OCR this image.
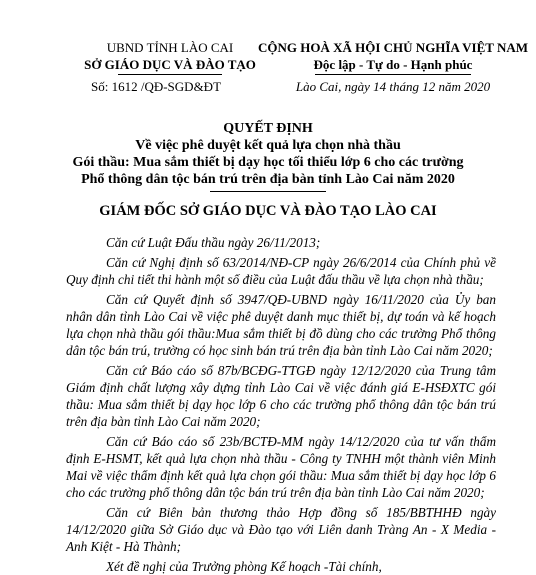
UBND TỈNH LÀO CAI
SỞ GIÁO DỤC VÀ ĐÀO TẠO
Số: 1612 /QĐ-SGD&ĐT
CỘNG HOÀ XÃ HỘI CHỦ NGHĨA VIỆT NAM
Độc lập - Tự do - Hạnh phúc
Lào Cai, ngày 14 tháng 12 năm 2020
QUYẾT ĐỊNH
Về việc phê duyệt kết quả lựa chọn nhà thầu
Gói thầu: Mua sắm thiết bị dạy học tối thiểu lớp 6 cho các trường
Phổ thông dân tộc bán trú trên địa bàn tỉnh Lào Cai năm 2020
GIÁM ĐỐC SỞ GIÁO DỤC VÀ ĐÀO TẠO LÀO CAI

Căn cứ Luật Đấu thầu ngày 26/11/2013;

Căn cứ Nghị định số 63/2014/NĐ-CP ngày 26/6/2014 của Chính phủ về Quy định chi tiết thi hành một số điều của Luật đấu thầu về lựa chọn nhà thầu;

Căn cứ Quyết định số 3947/QĐ-UBND ngày 16/11/2020 của Ủy ban nhân dân tỉnh Lào Cai về việc phê duyệt danh mục thiết bị, dự toán và kế hoạch lựa chọn nhà thầu gói thầu:Mua sắm thiết bị đồ dùng cho các trường Phổ thông dân tộc bán trú, trường có học sinh bán trú trên địa bàn tỉnh Lào Cai năm 2020;

Căn cứ Báo cáo số 87b/BCĐG-TTGĐ ngày 12/12/2020 của Trung tâm Giám định chất lượng xây dựng tỉnh Lào Cai về việc đánh giá E-HSĐXTC gói thầu: Mua sắm thiết bị dạy học lớp 6 cho các trường phổ thông dân tộc bán trú trên địa bàn tỉnh Lào Cai năm 2020;

Căn cứ Báo cáo số 23b/BCTĐ-MM ngày 14/12/2020 của tư vấn thẩm định E-HSMT, kết quả lựa chọn nhà thầu - Công ty TNHH một thành viên Minh Mai về việc thẩm định kết quả lựa chọn gói thầu: Mua sắm thiết bị dạy học lớp 6 cho các trường phổ thông dân tộc bán trú trên địa bàn tỉnh Lào Cai năm 2020;

Căn cứ Biên bản thương thảo Hợp đồng số 185/BBTHHĐ ngày 14/12/2020 giữa Sở Giáo dục và Đào tạo với Liên danh Tràng An - X Media - Anh Kiệt - Hà Thành;

Xét đề nghị của Trưởng phòng Kế hoạch -Tài chính,
